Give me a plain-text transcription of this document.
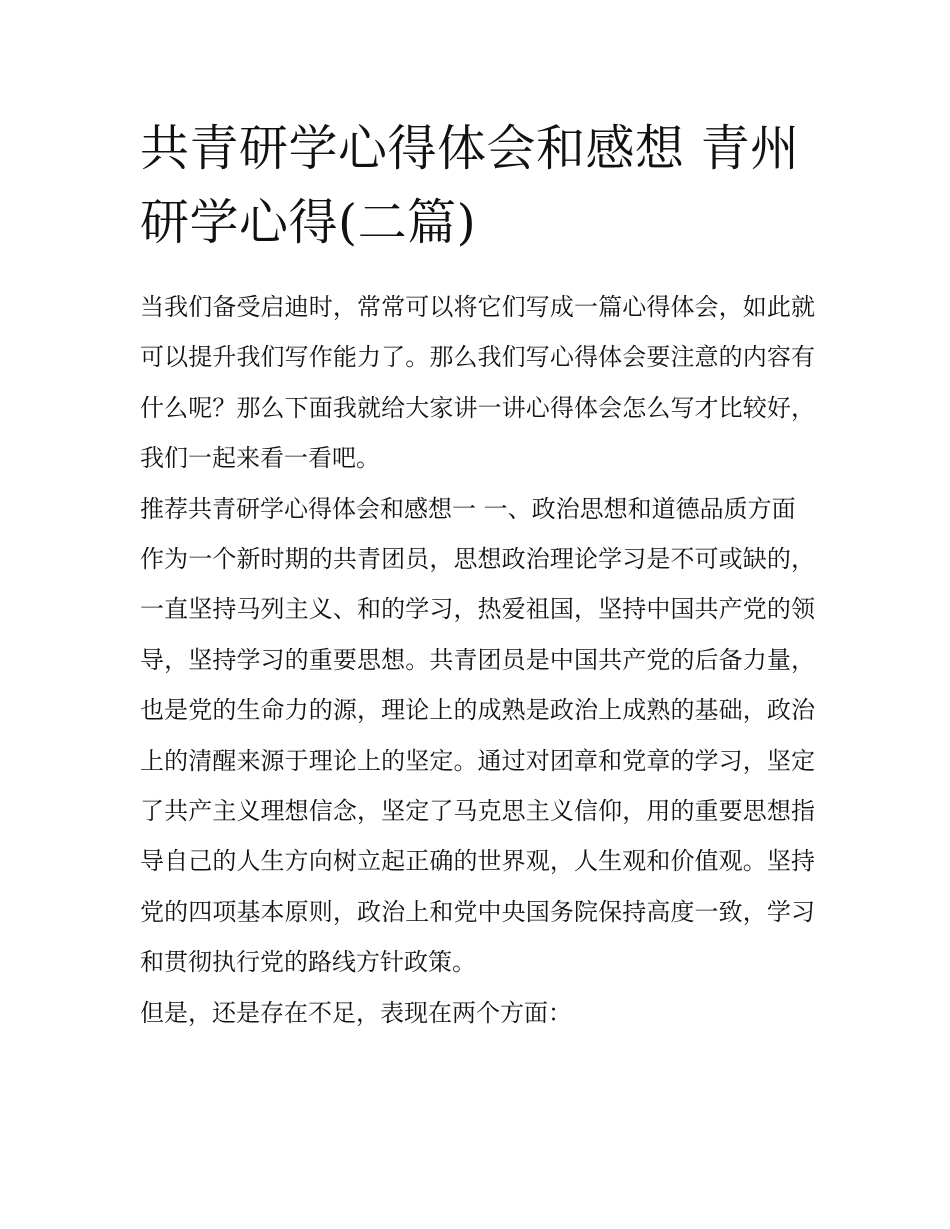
共青研学心得体会和感想 青州研学心得(二篇)

当我们备受启迪时，常常可以将它们写成一篇心得体会，如此就可以提升我们写作能力了。那么我们写心得体会要注意的内容有什么呢？那么下面我就给大家讲一讲心得体会怎么写才比较好，我们一起来看一看吧。

推荐共青研学心得体会和感想一 一、政治思想和道德品质方面

作为一个新时期的共青团员，思想政治理论学习是不可或缺的，一直坚持马列主义、和的学习，热爱祖国，坚持中国共产党的领导，坚持学习的重要思想。共青团员是中国共产党的后备力量，也是党的生命力的源，理论上的成熟是政治上成熟的基础，政治上的清醒来源于理论上的坚定。通过对团章和党章的学习，坚定了共产主义理想信念，坚定了马克思主义信仰，用的重要思想指导自己的人生方向树立起正确的世界观，人生观和价值观。坚持党的四项基本原则，政治上和党中央国务院保持高度一致，学习和贯彻执行党的路线方针政策。

但是，还是存在不足，表现在两个方面：
